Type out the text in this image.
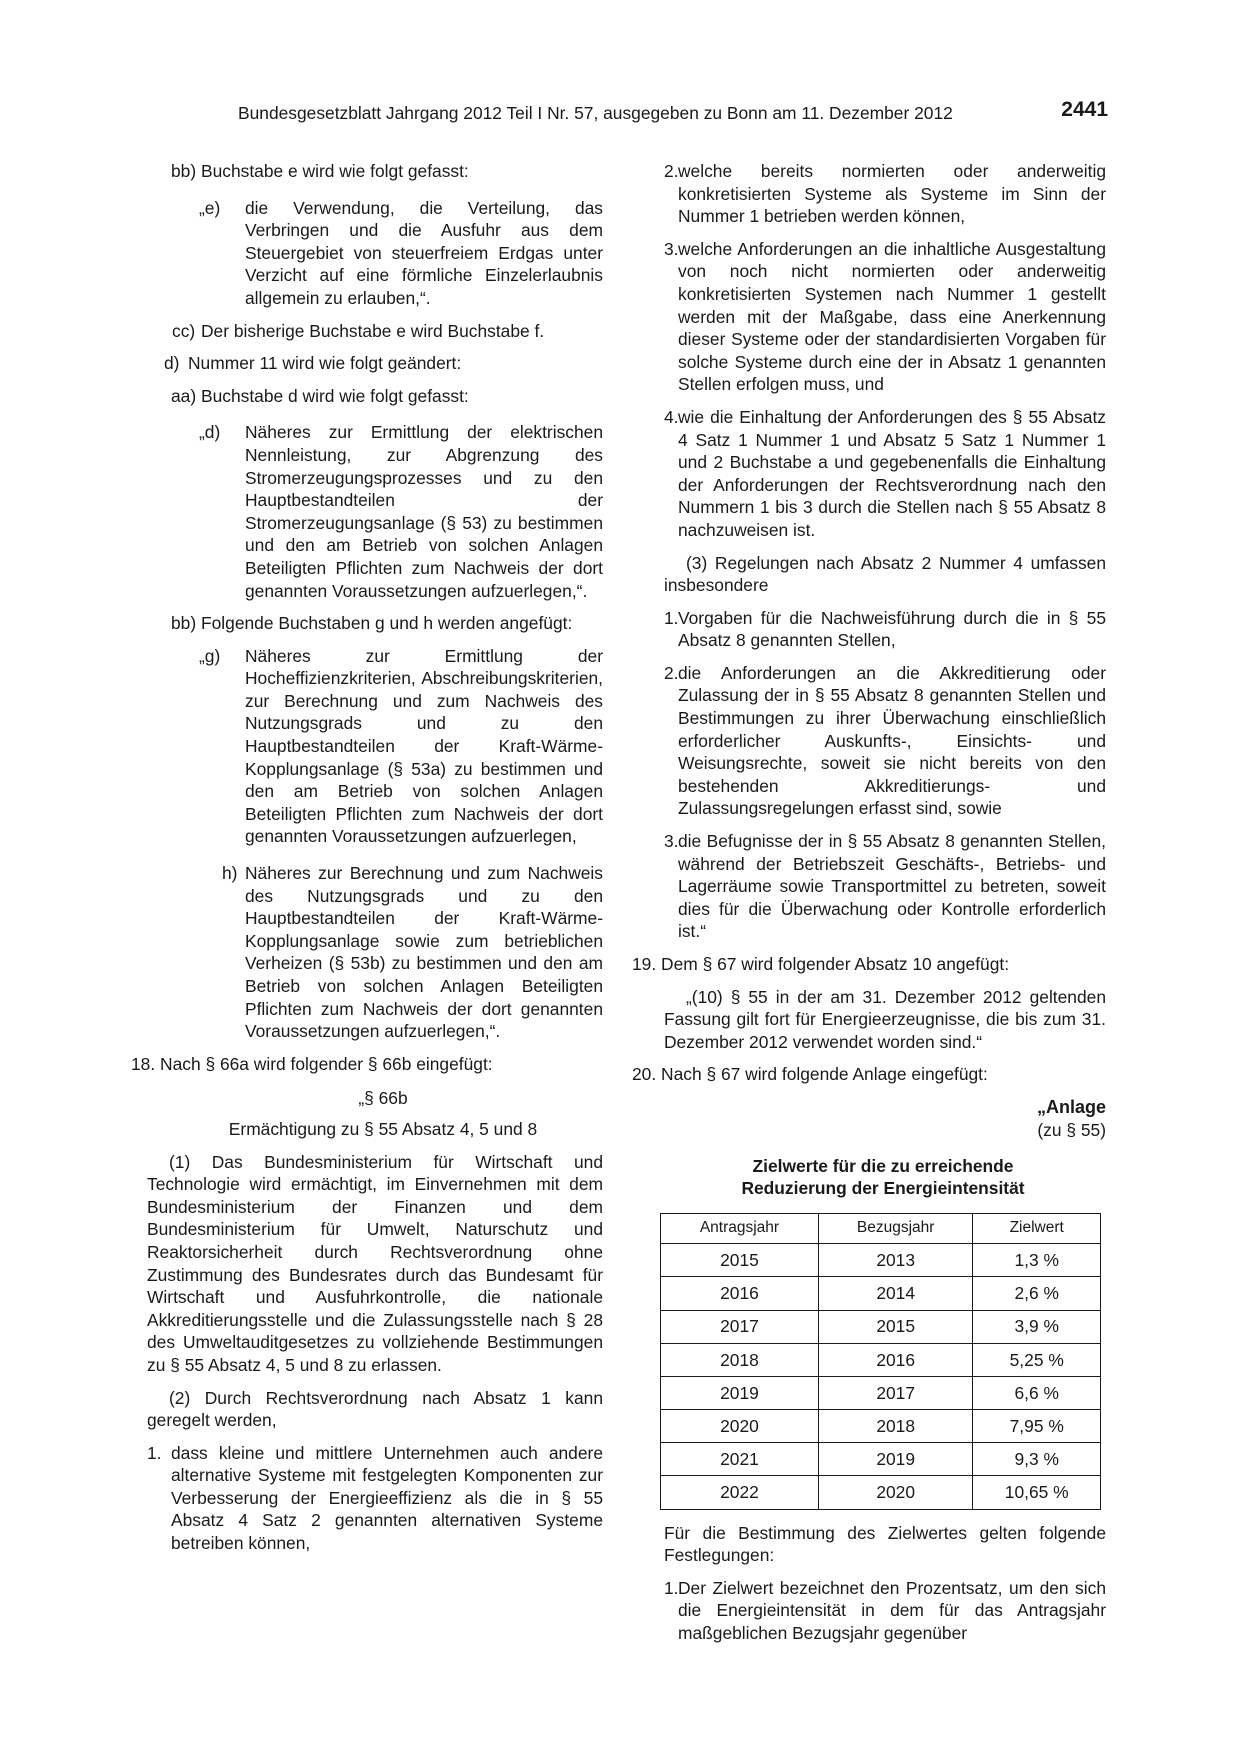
Bundesgesetzblatt Jahrgang 2012 Teil I Nr. 57, ausgegeben zu Bonn am 11. Dezember 2012	2441
bb) Buchstabe e wird wie folgt gefasst:
„e) die Verwendung, die Verteilung, das Verbringen und die Ausfuhr aus dem Steuergebiet von steuerfreiem Erdgas unter Verzicht auf eine förmliche Einzelerlaubnis allgemein zu erlauben,“.
cc) Der bisherige Buchstabe e wird Buchstabe f.
d) Nummer 11 wird wie folgt geändert:
aa) Buchstabe d wird wie folgt gefasst:
„d) Näheres zur Ermittlung der elektrischen Nennleistung, zur Abgrenzung des Stromerzeugungsprozesses und zu den Hauptbestandteilen der Stromerzeugungsanlage (§ 53) zu bestimmen und den am Betrieb von solchen Anlagen Beteiligten Pflichten zum Nachweis der dort genannten Voraussetzungen aufzuerlegen,“.
bb) Folgende Buchstaben g und h werden angefügt:
„g) Näheres zur Ermittlung der Hocheffizienzkriterien, Abschreibungskriterien, zur Berechnung und zum Nachweis des Nutzungsgrads und zu den Hauptbestandteilen der Kraft-Wärme-Kopplungsanlage (§ 53a) zu bestimmen und den am Betrieb von solchen Anlagen Beteiligten Pflichten zum Nachweis der dort genannten Voraussetzungen aufzuerlegen,
h) Näheres zur Berechnung und zum Nachweis des Nutzungsgrads und zu den Hauptbestandteilen der Kraft-Wärme-Kopplungsanlage sowie zum betrieblichen Verheizen (§ 53b) zu bestimmen und den am Betrieb von solchen Anlagen Beteiligten Pflichten zum Nachweis der dort genannten Voraussetzungen aufzuerlegen,“.
18. Nach § 66a wird folgender § 66b eingefügt:
„§ 66b
Ermächtigung zu § 55 Absatz 4, 5 und 8
(1) Das Bundesministerium für Wirtschaft und Technologie wird ermächtigt, im Einvernehmen mit dem Bundesministerium der Finanzen und dem Bundesministerium für Umwelt, Naturschutz und Reaktorsicherheit durch Rechtsverordnung ohne Zustimmung des Bundesrates durch das Bundesamt für Wirtschaft und Ausfuhrkontrolle, die nationale Akkreditierungsstelle und die Zulassungsstelle nach § 28 des Umweltauditgesetzes zu vollziehende Bestimmungen zu § 55 Absatz 4, 5 und 8 zu erlassen.
(2) Durch Rechtsverordnung nach Absatz 1 kann geregelt werden,
1. dass kleine und mittlere Unternehmen auch andere alternative Systeme mit festgelegten Komponenten zur Verbesserung der Energieeffizienz als die in § 55 Absatz 4 Satz 2 genannten alternativen Systeme betreiben können,
2. welche bereits normierten oder anderweitig konkretisierten Systeme als Systeme im Sinn der Nummer 1 betrieben werden können,
3. welche Anforderungen an die inhaltliche Ausgestaltung von noch nicht normierten oder anderweitig konkretisierten Systemen nach Nummer 1 gestellt werden mit der Maßgabe, dass eine Anerkennung dieser Systeme oder der standardisierten Vorgaben für solche Systeme durch eine der in Absatz 1 genannten Stellen erfolgen muss, und
4. wie die Einhaltung der Anforderungen des § 55 Absatz 4 Satz 1 Nummer 1 und Absatz 5 Satz 1 Nummer 1 und 2 Buchstabe a und gegebenenfalls die Einhaltung der Anforderungen der Rechtsverordnung nach den Nummern 1 bis 3 durch die Stellen nach § 55 Absatz 8 nachzuweisen ist.
(3) Regelungen nach Absatz 2 Nummer 4 umfassen insbesondere
1. Vorgaben für die Nachweisführung durch die in § 55 Absatz 8 genannten Stellen,
2. die Anforderungen an die Akkreditierung oder Zulassung der in § 55 Absatz 8 genannten Stellen und Bestimmungen zu ihrer Überwachung einschließlich erforderlicher Auskunfts-, Einsichts- und Weisungsrechte, soweit sie nicht bereits von den bestehenden Akkreditierungs- und Zulassungsregelungen erfasst sind, sowie
3. die Befugnisse der in § 55 Absatz 8 genannten Stellen, während der Betriebszeit Geschäfts-, Betriebs- und Lagerräume sowie Transportmittel zu betreten, soweit dies für die Überwachung oder Kontrolle erforderlich ist.“
19. Dem § 67 wird folgender Absatz 10 angefügt:
„(10) § 55 in der am 31. Dezember 2012 geltenden Fassung gilt fort für Energieerzeugnisse, die bis zum 31. Dezember 2012 verwendet worden sind.“
20. Nach § 67 wird folgende Anlage eingefügt:
„Anlage
(zu § 55)
Zielwerte für die zu erreichende
Reduzierung der Energieintensität
Antragsjahr	Bezugsjahr	Zielwert
2015	2013	1,3 %
2016	2014	2,6 %
2017	2015	3,9 %
2018	2016	5,25 %
2019	2017	6,6 %
2020	2018	7,95 %
2021	2019	9,3 %
2022	2020	10,65 %
Für die Bestimmung des Zielwertes gelten folgende Festlegungen:
1. Der Zielwert bezeichnet den Prozentsatz, um den sich die Energieintensität in dem für das Antragsjahr maßgeblichen Bezugsjahr gegenüber
